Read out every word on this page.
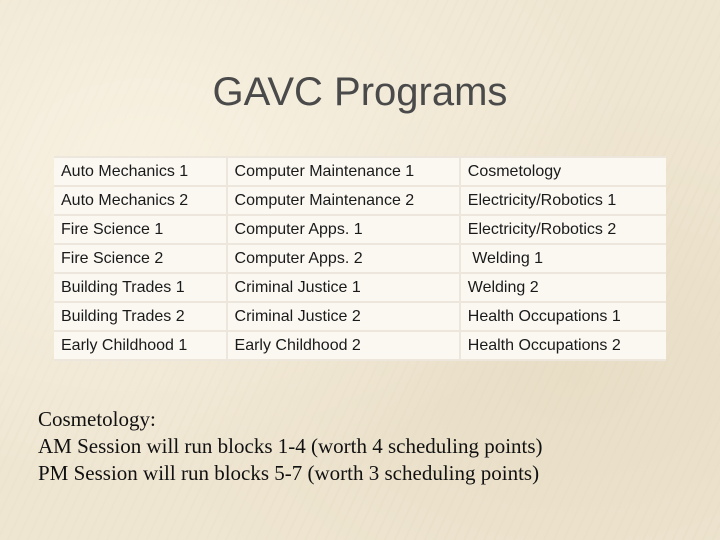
GAVC Programs
Auto Mechanics 1	Computer Maintenance 1	Cosmetology
Auto Mechanics 2	Computer Maintenance 2	Electricity/Robotics 1
Fire Science 1	Computer Apps. 1	Electricity/Robotics 2
Fire Science 2	Computer Apps. 2	Welding 1
Building Trades 1	Criminal Justice 1	Welding 2
Building Trades 2	Criminal Justice 2	Health Occupations 1
Early Childhood 1	Early Childhood 2	Health Occupations 2
Cosmetology:
AM Session will run blocks 1-4 (worth 4 scheduling points)
PM Session will run blocks 5-7 (worth 3 scheduling points)
